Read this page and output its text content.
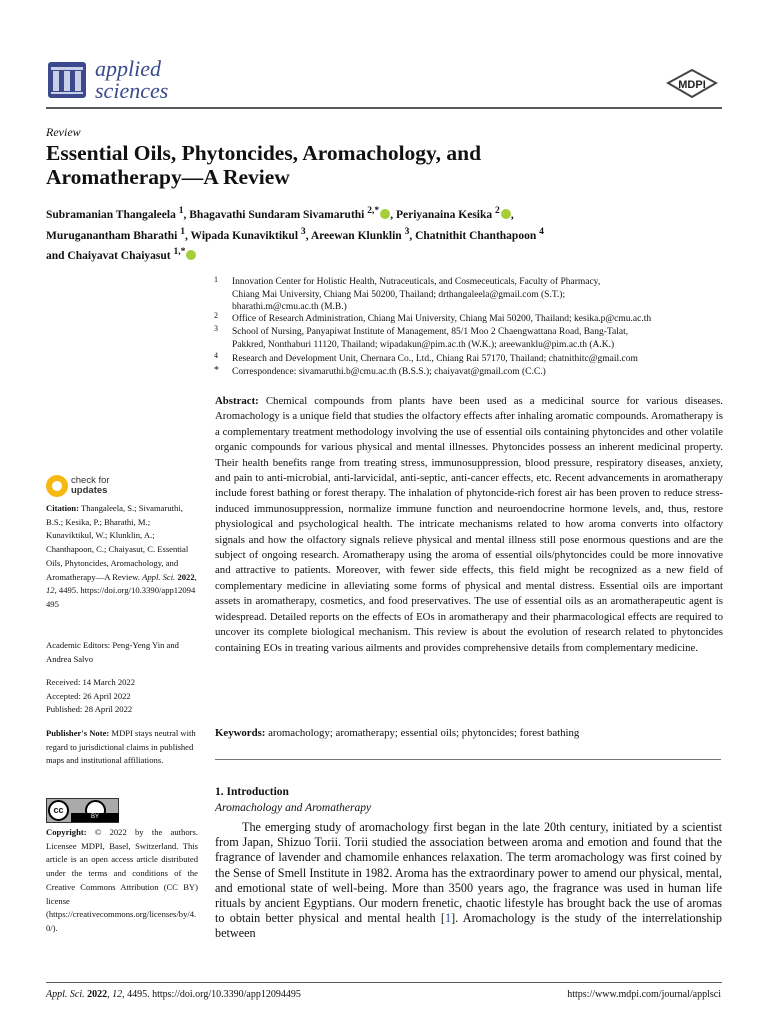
applied
sciences	MDPI
Review
Essential Oils, Phytoncides, Aromachology, and
Aromatherapy—A Review
Subramanian Thangaleela $^1$, Bhagavathi Sundaram Sivamaruthi $^{2,*}$ , Periyanaina Kesika $^2$ ,
Muruganantham Bharathi $^1$, Wipada Kunaviktikul $^3$, Areewan Klunklin $^3$, Chatnithit Chanthapoon $^4$
and Chaiyavat Chaiyasut $^{1,*}$
1 Innovation Center for Holistic Health, Nutraceuticals, and Cosmeceuticals, Faculty of Pharmacy,
Chiang Mai University, Chiang Mai 50200, Thailand; drthangaleela@gmail.com (S.T.);
bharathi.m@cmu.ac.th (M.B.)
2 Office of Research Administration, Chiang Mai University, Chiang Mai 50200, Thailand; kesika.p@cmu.ac.th
3 School of Nursing, Panyapiwat Institute of Management, 85/1 Moo 2 Chaengwattana Road, Bang-Talat,
Pakkred, Nonthaburi 11120, Thailand; wipadakun@pim.ac.th (W.K.); areewanklu@pim.ac.th (A.K.)
4 Research and Development Unit, Chernara Co., Ltd., Chiang Rai 57170, Thailand; chatnithitc@gmail.com
* Correspondence: sivamaruthi.b@cmu.ac.th (B.S.S.); chaiyavat@gmail.com (C.C.)
Abstract: Chemical compounds from plants have been used as a medicinal source for various diseases. Aromachology is a unique field that studies the olfactory effects after inhaling aromatic compounds. Aromatherapy is a complementary treatment methodology involving the use of essential oils containing phytoncides and other volatile organic compounds for various physical and mental illnesses. Phytoncides possess an inherent medicinal property. Their health benefits range from treating stress, immunosuppression, blood pressure, respiratory diseases, anxiety, and pain to anti-microbial, anti-larvicidal, anti-septic, anti-cancer effects, etc. Recent advancements in aromatherapy include forest bathing or forest therapy. The inhalation of phytoncide-rich forest air has been proven to reduce stress-induced immunosuppression, normalize immune function and neuroendocrine hormone levels, and, thus, restore physiological and psychological health. The intricate mechanisms related to how aroma converts into olfactory signals and how the olfactory signals relieve physical and mental illness still pose enormous questions and are the subject of ongoing research. Aromatherapy using the aroma of essential oils/phytoncides could be more innovative and attractive to patients. Moreover, with fewer side effects, this field might be recognized as a new field of complementary medicine in alleviating some forms of physical and mental distress. Essential oils are important assets in aromatherapy, cosmetics, and food preservatives. The use of essential oils as an aromatherapeutic agent is widespread. Detailed reports on the effects of EOs in aromatherapy and their pharmacological effects are required to uncover its complete biological mechanism. This review is about the evolution of research related to phytoncides containing EOs in treating various ailments and provides comprehensive details from complementary medicine.
Keywords: aromachology; aromatherapy; essential oils; phytoncides; forest bathing
1. Introduction
Aromachology and Aromatherapy
The emerging study of aromachology first began in the late 20th century, initiated by a scientist from Japan, Shizuo Torii. Torii studied the association between aroma and emotion and found that the fragrance of lavender and chamomile enhances relaxation. The term aromachology was first coined by the Sense of Smell Institute in 1982. Aroma has the extraordinary power to amend our physical, mental, and emotional state of well-being. More than 3500 years ago, the fragrance was used in human life rituals by ancient Egyptians. Our modern frenetic, chaotic lifestyle has brought back the use of aromas to obtain better physical and mental health [1]. Aromachology is the study of the interrelationship between
check for
updates
Citation: Thangaleela, S.; Sivamaruthi, B.S.; Kesika, P.; Bharathi, M.; Kunaviktikul, W.; Klunklin, A.; Chanthapoon, C.; Chaiyasut, C. Essential Oils, Phytoncides, Aromachology, and Aromatherapy—A Review. Appl. Sci. 2022, 12, 4495. https://doi.org/10.3390/app12094495
Academic Editors: Peng-Yeng Yin and Andrea Salvo
Received: 14 March 2022
Accepted: 26 April 2022
Published: 28 April 2022
Publisher's Note: MDPI stays neutral with regard to jurisdictional claims in published maps and institutional affiliations.
cc
BY
Copyright: © 2022 by the authors. Licensee MDPI, Basel, Switzerland. This article is an open access article distributed under the terms and conditions of the Creative Commons Attribution (CC BY) license (https://creativecommons.org/licenses/by/4.0/).
Appl. Sci. 2022, 12, 4495. https://doi.org/10.3390/app12094495	https://www.mdpi.com/journal/applsci
